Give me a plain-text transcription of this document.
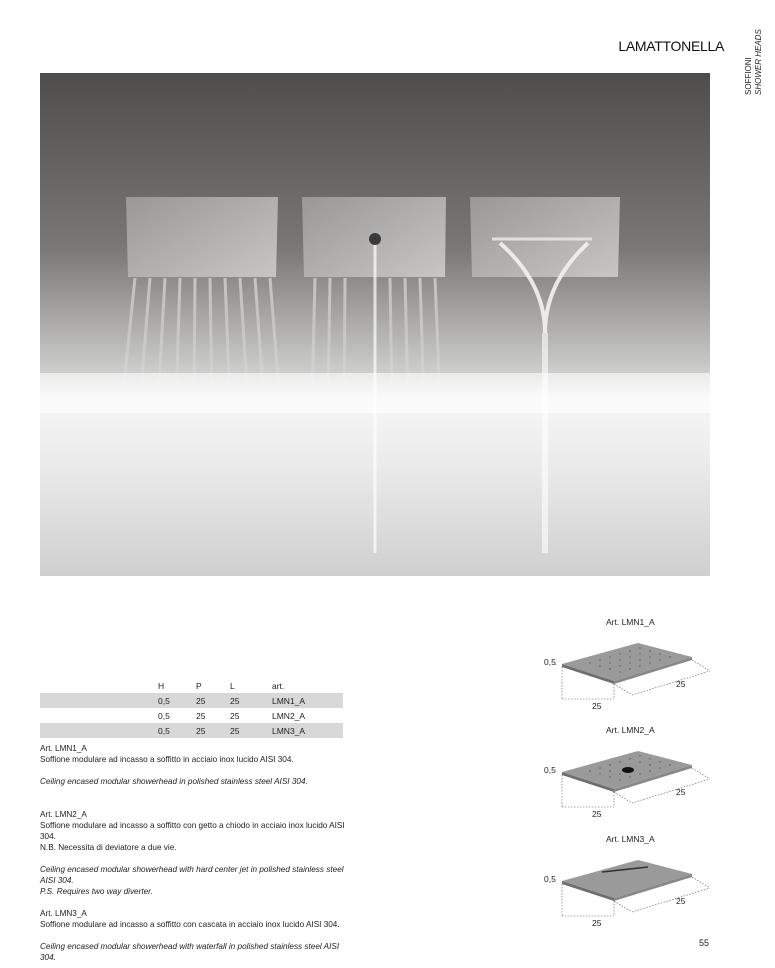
LAMATTONELLA
SOFFIONI SHOWER HEADS
	H	P	L	art.
	0,5	25	25	LMN1_A
	0,5	25	25	LMN2_A
	0,5	25	25	LMN3_A

Art. LMN1_A

Soffione modulare ad incasso a soffitto in acciaio inox lucido AISI 304.

Ceiling encased modular showerhead in polished stainless steel AISI 304.

Art. LMN2_A

Soffione modulare ad incasso a soffitto con getto a chiodo in acciaio inox lucido AISI 304.

N.B. Necessita di deviatore a due vie.

Ceiling encased modular showerhead with hard center jet in polished stainless steel AISI 304.

P.S. Requires two way diverter.

Art. LMN3_A

Soffione modulare ad incasso a soffitto con cascata in acciaio inox lucido AISI 304.

Ceiling encased modular showerhead with waterfall in polished stainless steel AISI 304.

Art. LMN1_A
0,5
25
25
Art. LMN2_A
0,5
25
25
Art. LMN3_A
0,5
25
25
55
